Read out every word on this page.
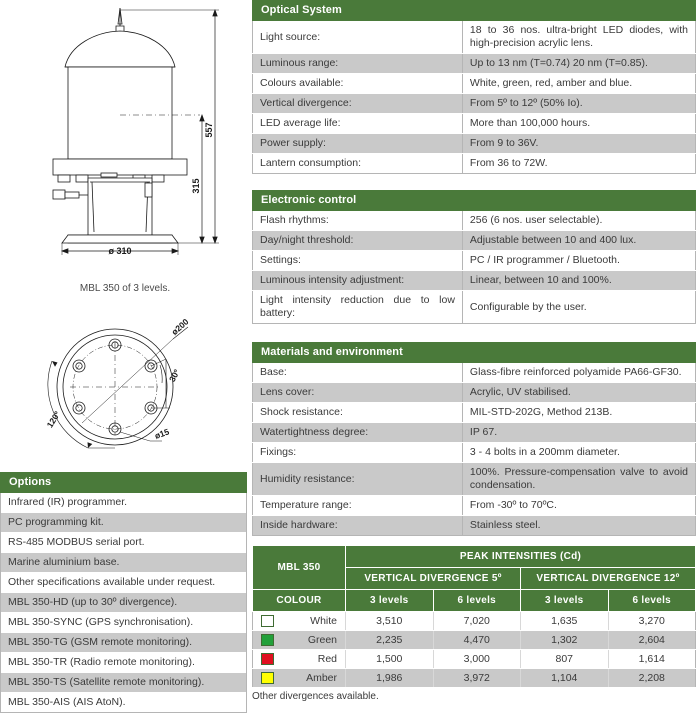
557
315
ø 310
MBL 350 of 3 levels.
ø200
30º
120º
ø15
Options
Infrared (IR) programmer.
PC programming kit.
RS-485 MODBUS serial port.
Marine aluminium base.
Other specifications available under request.
MBL 350-HD (up to 30º divergence).
MBL 350-SYNC (GPS synchronisation).
MBL 350-TG (GSM remote monitoring).
MBL 350-TR (Radio remote monitoring).
MBL 350-TS (Satellite remote monitoring).
MBL 350-AIS (AIS AtoN).
Optical System
Light source:	18 to 36 nos. ultra-bright LED diodes, with high-precision acrylic lens.
Luminous range:	Up to 13 nm (T=0.74) 20 nm (T=0.85).
Colours available:	White, green, red, amber and blue.
Vertical divergence:	From 5º to 12º (50% Io).
LED average life:	More than 100,000 hours.
Power supply:	From 9 to 36V.
Lantern consumption:	From 36 to 72W.
Electronic control
Flash rhythms:	256 (6 nos. user selectable).
Day/night threshold:	Adjustable between 10 and 400 lux.
Settings:	PC / IR programmer / Bluetooth.
Luminous intensity adjustment:	Linear, between 10 and 100%.
Light intensity reduction due to low battery:	Configurable by the user.
Materials and environment
Base:	Glass-fibre reinforced polyamide PA66-GF30.
Lens cover:	Acrylic, UV stabilised.
Shock resistance:	MIL-STD-202G, Method 213B.
Watertightness degree:	IP 67.
Fixings:	3 - 4 bolts in a 200mm diameter.
Humidity resistance:	100%. Pressure-compensation valve to avoid condensation.
Temperature range:	From -30º to 70ºC.
Inside hardware:	Stainless steel.
MBL 350	PEAK INTENSITIES (Cd)			
	VERTICAL DIVERGENCE 5º		VERTICAL DIVERGENCE 12º	
COLOUR	3 levels	6 levels	3 levels	6 levels

White	3,510	7,020	1,635	3,270

Green	2,235	4,470	1,302	2,604

Red	1,500	3,000	807	1,614

Amber	1,986	3,972	1,104	2,208
Other divergences available.
